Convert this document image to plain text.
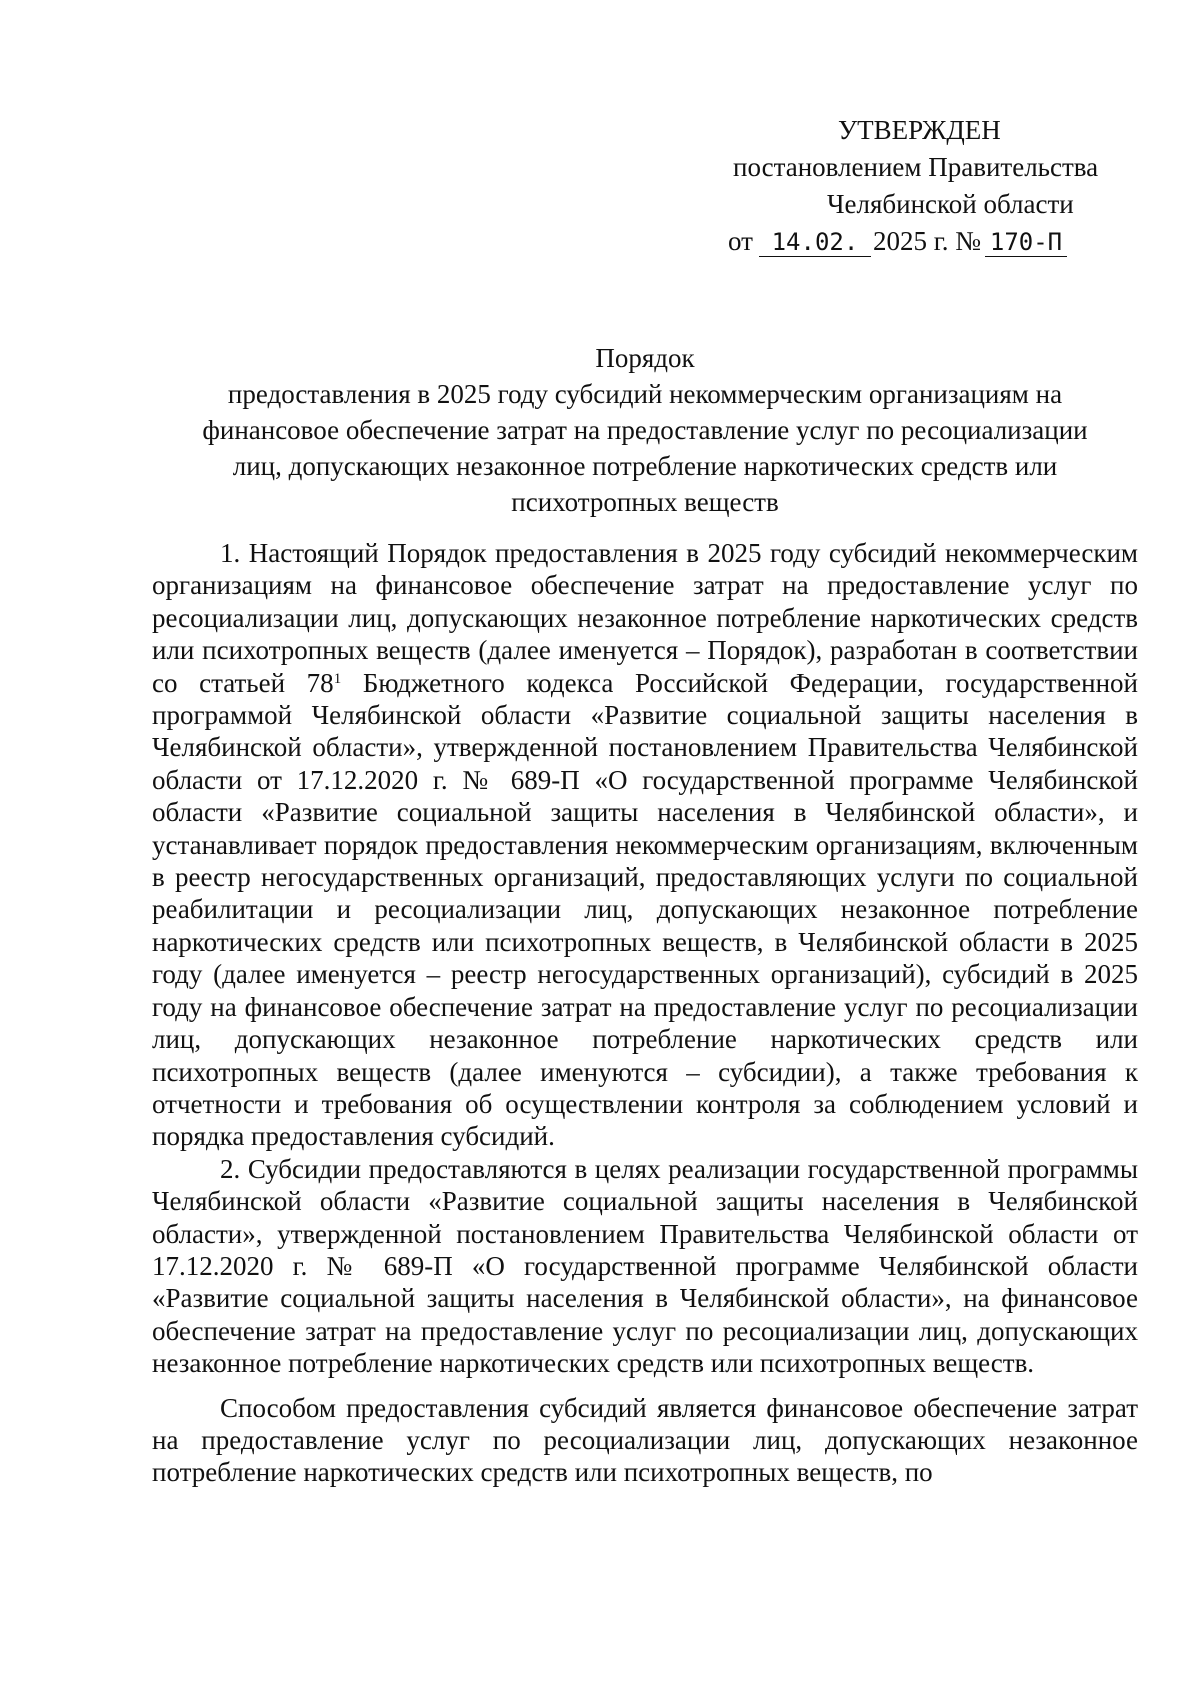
УТВЕРЖДЕН
постановлением Правительства
Челябинской области
от 14.02. 2025 г. № 170-П
Порядок
предоставления в 2025 году субсидий некоммерческим организациям на
финансовое обеспечение затрат на предоставление услуг по ресоциализации
лиц, допускающих незаконное потребление наркотических средств или
психотропных веществ

1. Настоящий Порядок предоставления в 2025 году субсидий некоммерческим организациям на финансовое обеспечение затрат на предоставление услуг по ресоциализации лиц, допускающих незаконное потребление наркотических средств или психотропных веществ (далее именуется – Порядок), разработан в соответствии со статьей $78^1$ Бюджетного кодекса Российской Федерации, государственной программой Челябинской области «Развитие социальной защиты населения в Челябинской области», утвержденной постановлением Правительства Челябинской области от 17.12.2020 г. № 689-П «О государственной программе Челябинской области «Развитие социальной защиты населения в Челябинской области», и устанавливает порядок предоставления некоммерческим организациям, включенным в реестр негосударственных организаций, предоставляющих услуги по социальной реабилитации и ресоциализации лиц, допускающих незаконное потребление наркотических средств или психотропных веществ, в Челябинской области в 2025 году (далее именуется – реестр негосударственных организаций), субсидий в 2025 году на финансовое обеспечение затрат на предоставление услуг по ресоциализации лиц, допускающих незаконное потребление наркотических средств или психотропных веществ (далее именуются – субсидии), а также требования к отчетности и требования об осуществлении контроля за соблюдением условий и порядка предоставления субсидий.

2. Субсидии предоставляются в целях реализации государственной программы Челябинской области «Развитие социальной защиты населения в Челябинской области», утвержденной постановлением Правительства Челябинской области от 17.12.2020 г. № 689-П «О государственной программе Челябинской области «Развитие социальной защиты населения в Челябинской области», на финансовое обеспечение затрат на предоставление услуг по ресоциализации лиц, допускающих незаконное потребление наркотических средств или психотропных веществ.

Способом предоставления субсидий является финансовое обеспечение затрат на предоставление услуг по ресоциализации лиц, допускающих незаконное потребление наркотических средств или психотропных веществ, по
